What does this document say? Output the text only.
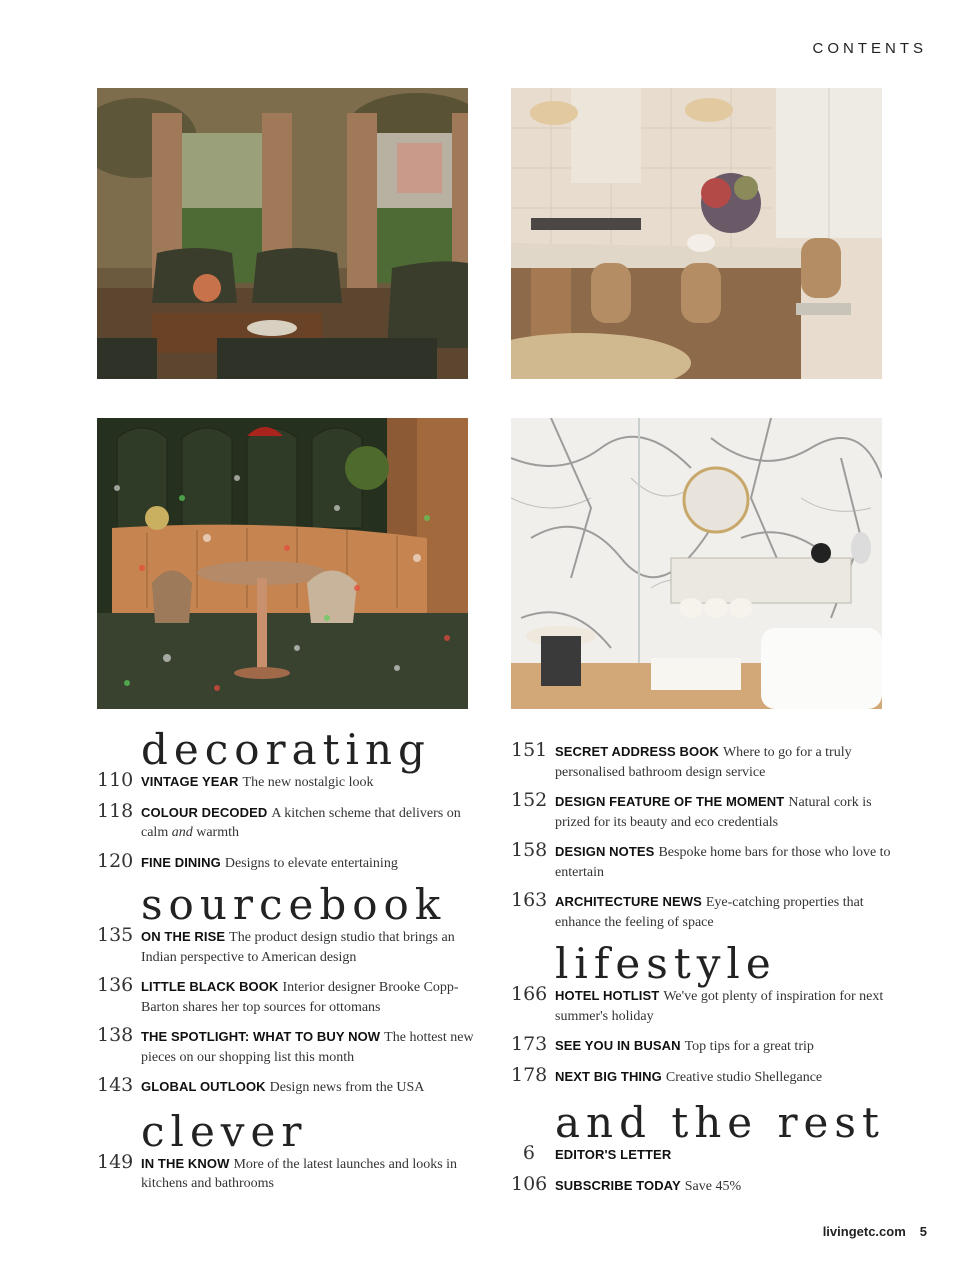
CONTENTS
decorating
110 VINTAGE YEAR The new nostalgic look
118 COLOUR DECODED A kitchen scheme that delivers on calm and warmth
120 FINE DINING Designs to elevate entertaining
sourcebook
135 ON THE RISE The product design studio that brings an Indian perspective to American design
136 LITTLE BLACK BOOK Interior designer Brooke Copp-Barton shares her top sources for ottomans
138 THE SPOTLIGHT: WHAT TO BUY NOW The hottest new pieces on our shopping list this month
143 GLOBAL OUTLOOK Design news from the USA
clever
149 IN THE KNOW More of the latest launches and looks in kitchens and bathrooms
151 SECRET ADDRESS BOOK Where to go for a truly personalised bathroom design service
152 DESIGN FEATURE OF THE MOMENT Natural cork is prized for its beauty and eco credentials
158 DESIGN NOTES Bespoke home bars for those who love to entertain
163 ARCHITECTURE NEWS Eye-catching properties that enhance the feeling of space
lifestyle
166 HOTEL HOTLIST We've got plenty of inspiration for next summer's holiday
173 SEE YOU IN BUSAN Top tips for a great trip
178 NEXT BIG THING Creative studio Shellegance
and the rest
6 EDITOR'S LETTER
106 SUBSCRIBE TODAY Save 45%
livingetc.com 5
